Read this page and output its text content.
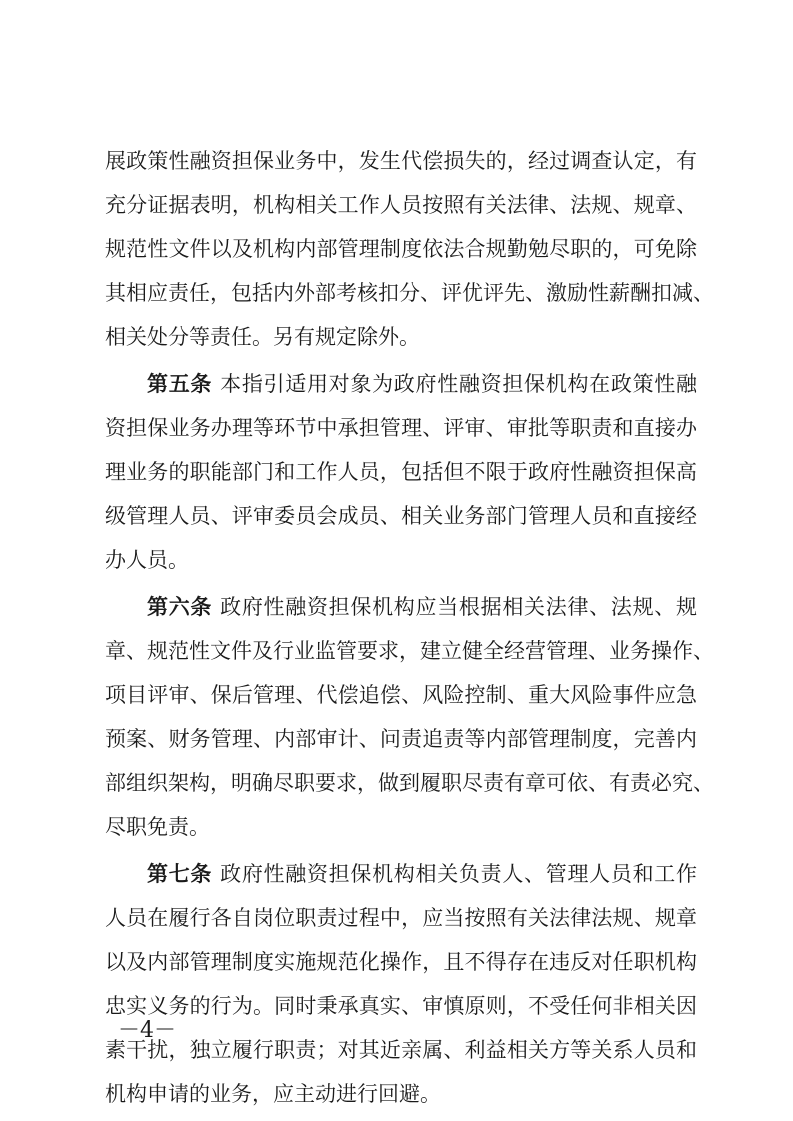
展政策性融资担保业务中，发生代偿损失的，经过调查认定，有
充分证据表明，机构相关工作人员按照有关法律、法规、规章、
规范性文件以及机构内部管理制度依法合规勤勉尽职的，可免除
其相应责任，包括内外部考核扣分、评优评先、激励性薪酬扣减、
相关处分等责任。另有规定除外。
第五条 本指引适用对象为政府性融资担保机构在政策性融
资担保业务办理等环节中承担管理、评审、审批等职责和直接办
理业务的职能部门和工作人员，包括但不限于政府性融资担保高
级管理人员、评审委员会成员、相关业务部门管理人员和直接经
办人员。
第六条 政府性融资担保机构应当根据相关法律、法规、规
章、规范性文件及行业监管要求，建立健全经营管理、业务操作、
项目评审、保后管理、代偿追偿、风险控制、重大风险事件应急
预案、财务管理、内部审计、问责追责等内部管理制度，完善内
部组织架构，明确尽职要求，做到履职尽责有章可依、有责必究、
尽职免责。
第七条 政府性融资担保机构相关负责人、管理人员和工作
人员在履行各自岗位职责过程中，应当按照有关法律法规、规章
以及内部管理制度实施规范化操作，且不得存在违反对任职机构
忠实义务的行为。同时秉承真实、审慎原则，不受任何非相关因
素干扰，独立履行职责；对其近亲属、利益相关方等关系人员和
机构申请的业务，应主动进行回避。
－4－
